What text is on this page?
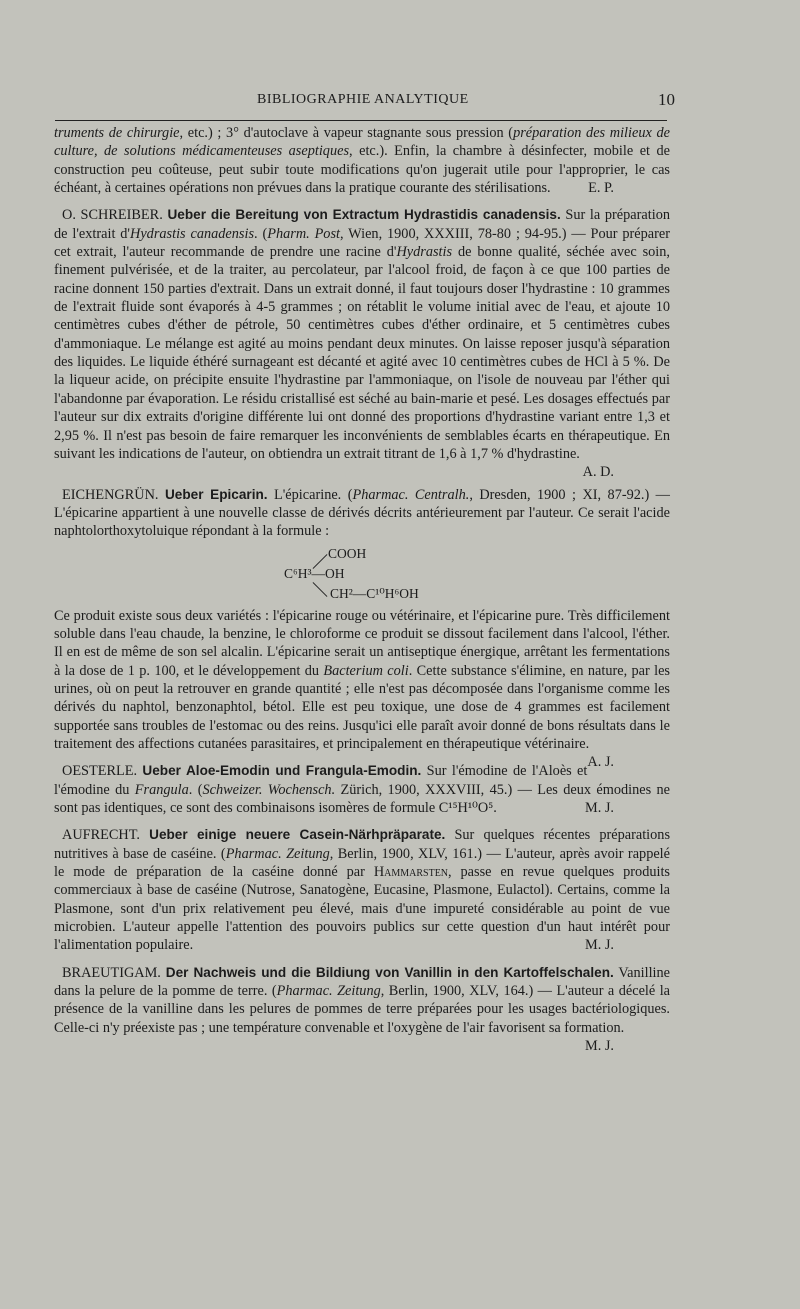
BIBLIOGRAPHIE ANALYTIQUE	10

truments de chirurgie, etc.) ; 3° d'autoclave à vapeur stagnante sous pression (préparation des milieux de culture, de solutions médicamenteuses aseptiques, etc.). Enfin, la chambre à désinfecter, mobile et de construction peu coûteuse, peut subir toute modifications qu'on jugerait utile pour l'approprier, le cas échéant, à certaines opérations non prévues dans la pratique courante des stérilisations.	E. P.

O. SCHREIBER. Ueber die Bereitung von Extractum Hydrastidis canadensis. Sur la préparation de l'extrait d'Hydrastis canadensis. (Pharm. Post, Wien, 1900, XXXIII, 78-80 ; 94-95.) — Pour préparer cet extrait, l'auteur recommande de prendre une racine d'Hydrastis de bonne qualité, séchée avec soin, finement pulvérisée, et de la traiter, au percolateur, par l'alcool froid, de façon à ce que 100 parties de racine donnent 150 parties d'extrait. Dans un extrait donné, il faut toujours doser l'hydrastine : 10 grammes de l'extrait fluide sont évaporés à 4-5 grammes ; on rétablit le volume initial avec de l'eau, et ajoute 10 centimètres cubes d'éther de pétrole, 50 centimètres cubes d'éther ordinaire, et 5 centimètres cubes d'ammoniaque. Le mélange est agité au moins pendant deux minutes. On laisse reposer jusqu'à séparation des liquides. Le liquide éthéré surnageant est décanté et agité avec 10 centimètres cubes de HCl à 5 %. De la liqueur acide, on précipite ensuite l'hydrastine par l'ammoniaque, on l'isole de nouveau par l'éther qui l'abandonne par évaporation. Le résidu cristallisé est séché au bain-marie et pesé. Les dosages effectués par l'auteur sur dix extraits d'origine différente lui ont donné des proportions d'hydrastine variant entre 1,3 et 2,95 %. Il n'est pas besoin de faire remarquer les inconvénients de semblables écarts en thérapeutique. En suivant les indications de l'auteur, on obtiendra un extrait titrant de 1,6 à 1,7 % d'hydrastine.
A. D.

EICHENGRÜN. Ueber Epicarin. L'épicarine. (Pharmac. Centralh., Dresden, 1900 ; XI, 87-92.) — L'épicarine appartient à une nouvelle classe de dérivés décrits antérieurement par l'auteur. Ce serait l'acide naphtolorthoxytoluique répondant à la formule :

COOH
C⁶H³—OH
CH²—C¹⁰H⁶OH

Ce produit existe sous deux variétés : l'épicarine rouge ou vétérinaire, et l'épicarine pure. Très difficilement soluble dans l'eau chaude, la benzine, le chloroforme ce produit se dissout facilement dans l'alcool, l'éther. Il en est de même de son sel alcalin. L'épicarine serait un antiseptique énergique, arrêtant les fermentations à la dose de 1 p. 100, et le développement du Bacterium coli. Cette substance s'élimine, en nature, par les urines, où on peut la retrouver en grande quantité ; elle n'est pas décomposée dans l'organisme comme les dérivés du naphtol, benzonaphtol, bétol. Elle est peu toxique, une dose de 4 grammes est facilement supportée sans troubles de l'estomac ou des reins. Jusqu'ici elle paraît avoir donné de bons résultats dans le traitement des affections cutanées parasitaires, et principalement en thérapeutique vétérinaire.
A. J.

OESTERLE. Ueber Aloe-Emodin und Frangula-Emodin. Sur l'émodine de l'Aloès et l'émodine du Frangula. (Schweizer. Wochensch. Zürich, 1900, XXXVIII, 45.) — Les deux émodines ne sont pas identiques, ce sont des combinaisons isomères de formule C¹⁵H¹⁰O⁵.	M. J.

AUFRECHT. Ueber einige neuere Casein-Närhpräparate. Sur quelques récentes préparations nutritives à base de caséine. (Pharmac. Zeitung, Berlin, 1900, XLV, 161.) — L'auteur, après avoir rappelé le mode de préparation de la caséine donné par Hammarsten, passe en revue quelques produits commerciaux à base de caséine (Nutrose, Sanatogène, Eucasine, Plasmone, Eulactol). Certains, comme la Plasmone, sont d'un prix relativement peu élevé, mais d'une impureté considérable au point de vue microbien. L'auteur appelle l'attention des pouvoirs publics sur cette question d'un haut intérêt pour l'alimentation populaire.	M. J.

BRAEUTIGAM. Der Nachweis und die Bildiung von Vanillin in den Kartoffelschalen. Vanilline dans la pelure de la pomme de terre. (Pharmac. Zeitung, Berlin, 1900, XLV, 164.) — L'auteur a décelé la présence de la vanilline dans les pelures de pommes de terre préparées pour les usages bactériologiques. Celle-ci n'y préexiste pas ; une température convenable et l'oxygène de l'air favorisent sa formation.
M. J.
